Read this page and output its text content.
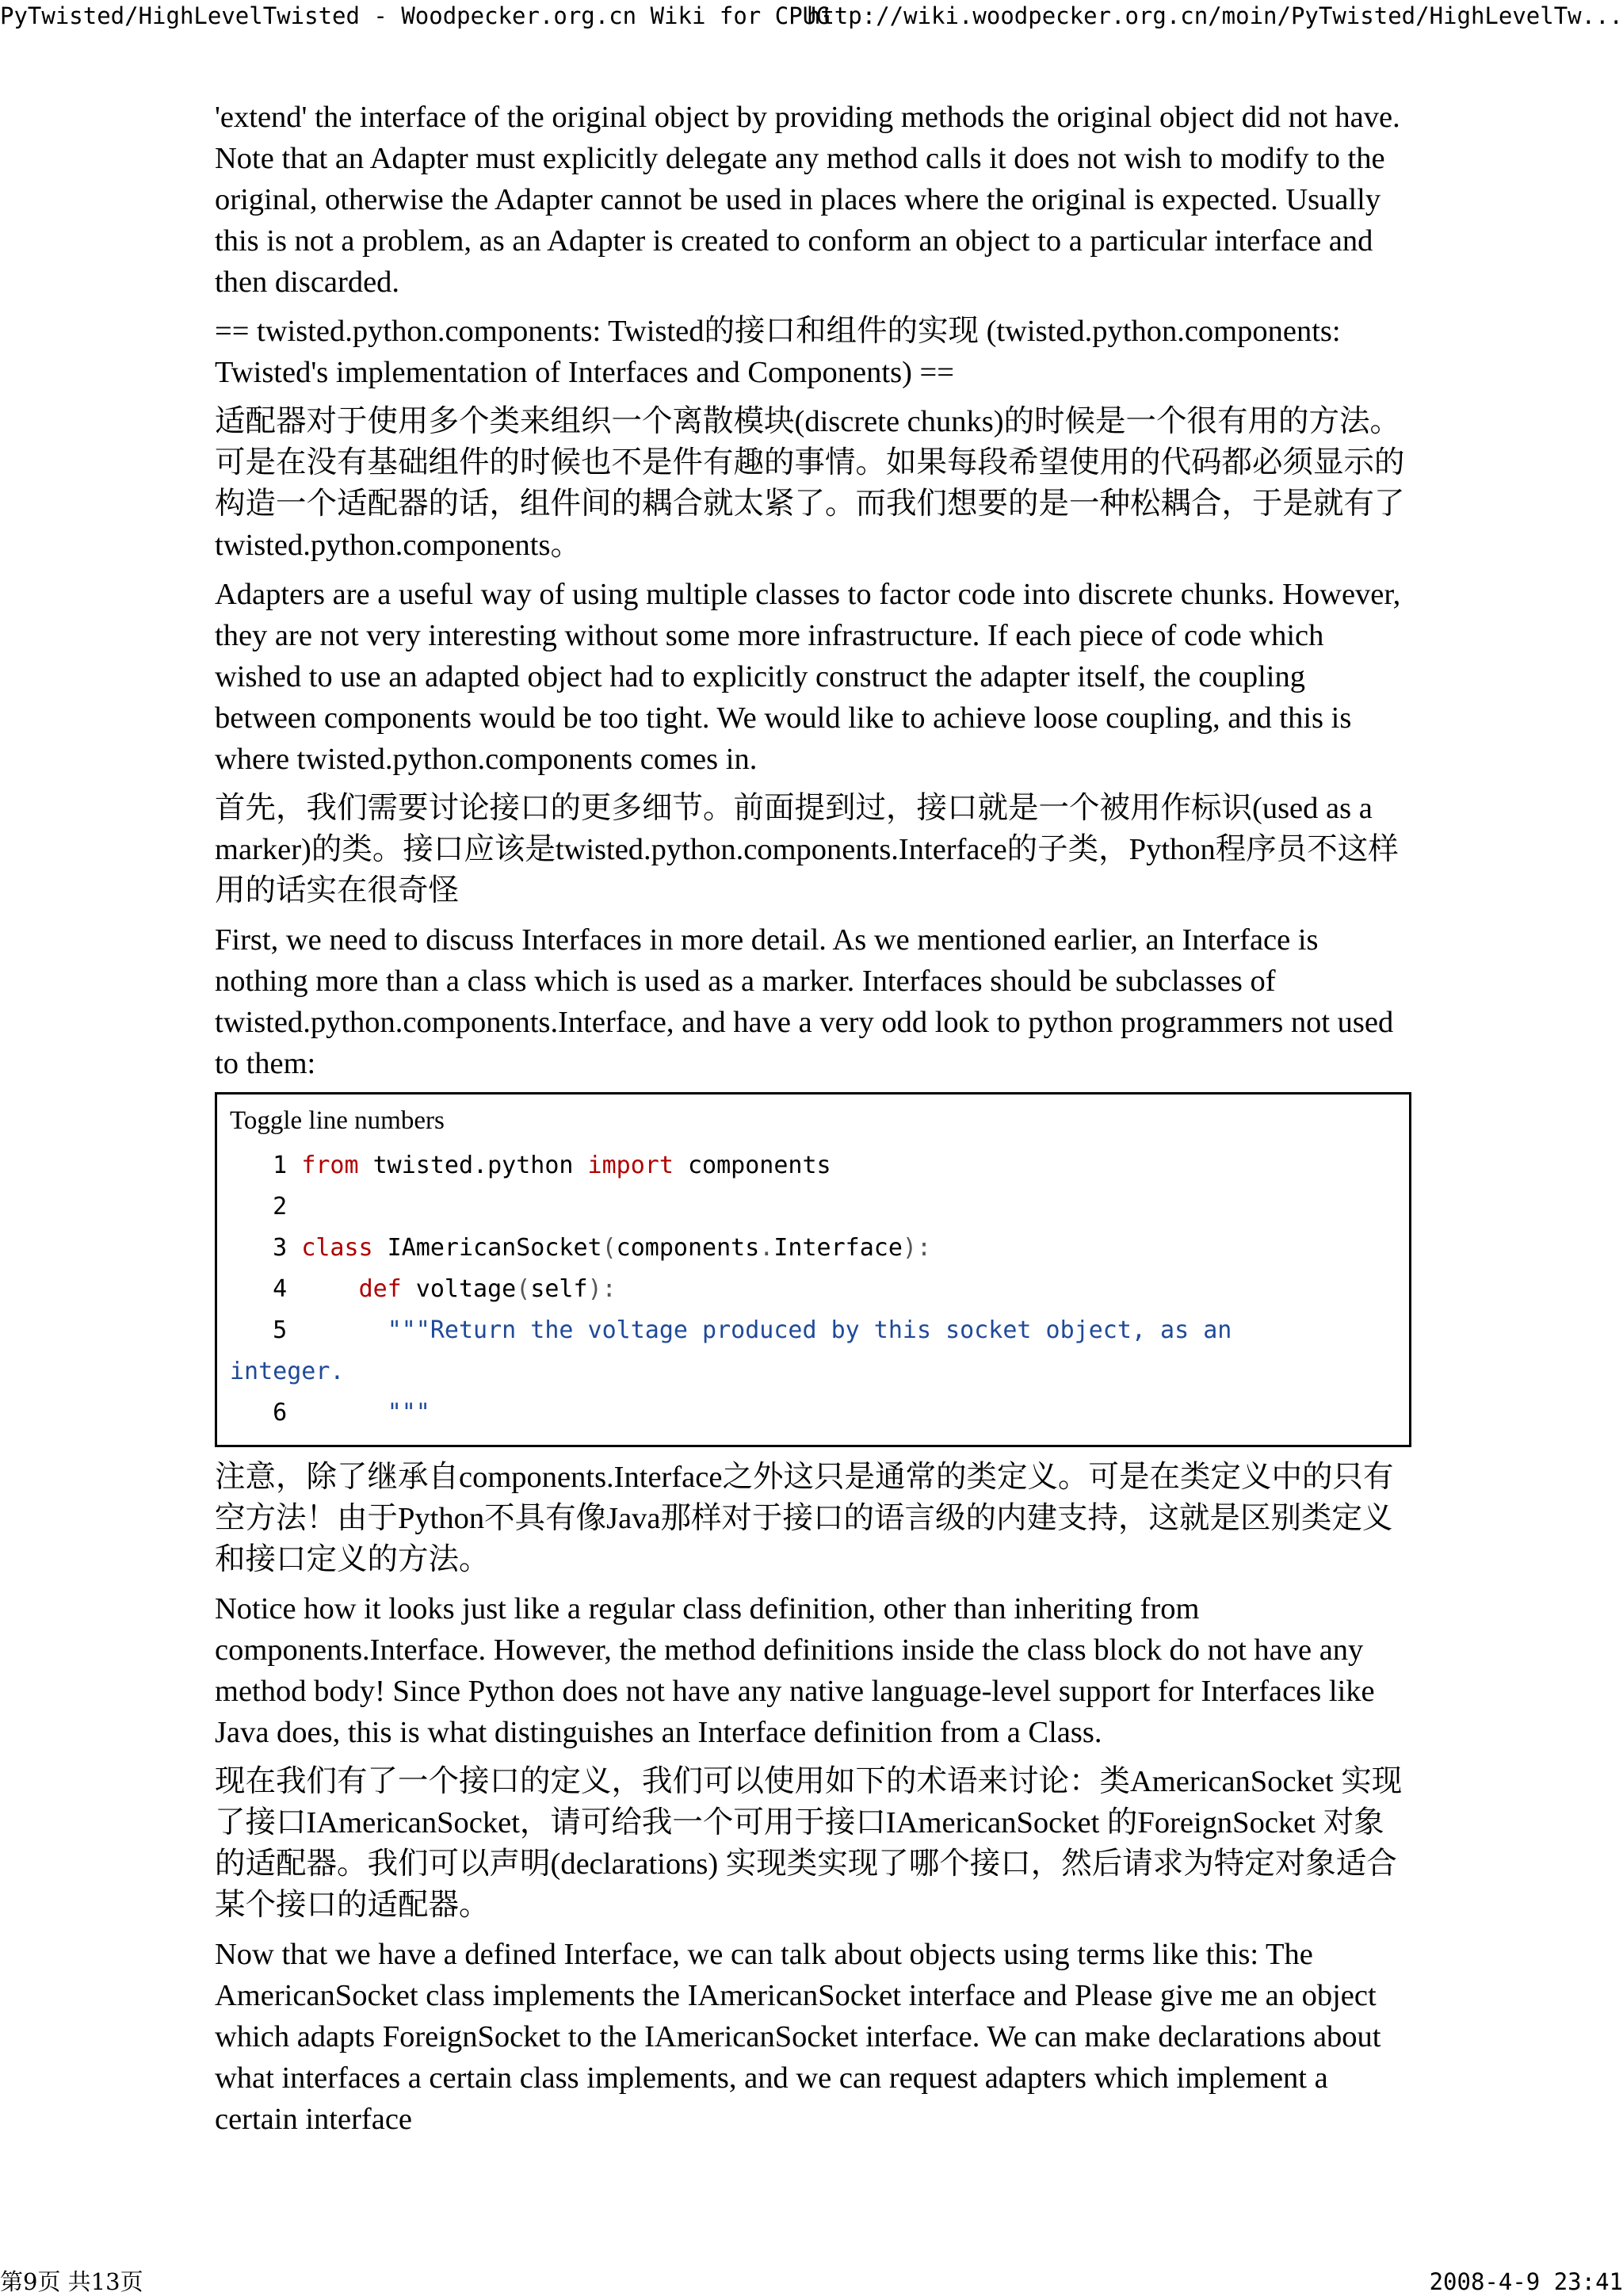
PyTwisted/HighLevelTwisted - Woodpecker.org.cn Wiki for CPUG
http://wiki.woodpecker.org.cn/moin/PyTwisted/HighLevelTw...

'extend' the interface of the original object by providing methods the original object did not have. Note that an Adapter must explicitly delegate any method calls it does not wish to modify to the original, otherwise the Adapter cannot be used in places where the original is expected. Usually this is not a problem, as an Adapter is created to conform an object to a particular interface and then discarded.

== twisted.python.components: Twisted的接口和组件的实现 (twisted.python.components: Twisted's implementation of Interfaces and Components) ==

适配器对于使用多个类来组织一个离散模块(discrete chunks)的时候是一个很有用的方法。可是在没有基础组件的时候也不是件有趣的事情。如果每段希望使用的代码都必须显示的构造一个适配器的话，组件间的耦合就太紧了。而我们想要的是一种松耦合，于是就有了twisted.python.components。

Adapters are a useful way of using multiple classes to factor code into discrete chunks. However, they are not very interesting without some more infrastructure. If each piece of code which wished to use an adapted object had to explicitly construct the adapter itself, the coupling between components would be too tight. We would like to achieve loose coupling, and this is where twisted.python.components comes in.

首先，我们需要讨论接口的更多细节。前面提到过，接口就是一个被用作标识(used as a marker)的类。接口应该是twisted.python.components.Interface的子类，Python程序员不这样用的话实在很奇怪

First, we need to discuss Interfaces in more detail. As we mentioned earlier, an Interface is nothing more than a class which is used as a marker. Interfaces should be subclasses of twisted.python.components.Interface, and have a very odd look to python programmers not used to them:

Toggle line numbers
1 from twisted.python import components
2
3 class IAmericanSocket(components.Interface):
4     def voltage(self):
5	"""Return the voltage produced by this socket object, as an
integer.
6	"""

注意，除了继承自components.Interface之外这只是通常的类定义。可是在类定义中的只有空方法！由于Python不具有像Java那样对于接口的语言级的内建支持，这就是区别类定义和接口定义的方法。

Notice how it looks just like a regular class definition, other than inheriting from components.Interface. However, the method definitions inside the class block do not have any method body! Since Python does not have any native language-level support for Interfaces like Java does, this is what distinguishes an Interface definition from a Class.

现在我们有了一个接口的定义，我们可以使用如下的术语来讨论：类AmericanSocket 实现了接口IAmericanSocket，请可给我一个可用于接口IAmericanSocket 的ForeignSocket 对象的适配器。我们可以声明(declarations) 实现类实现了哪个接口，然后请求为特定对象适合某个接口的适配器。

Now that we have a defined Interface, we can talk about objects using terms like this: The AmericanSocket class implements the IAmericanSocket interface and Please give me an object which adapts ForeignSocket to the IAmericanSocket interface. We can make declarations about what interfaces a certain class implements, and we can request adapters which implement a certain interface

第9页 共13页	2008-4-9 23:41
